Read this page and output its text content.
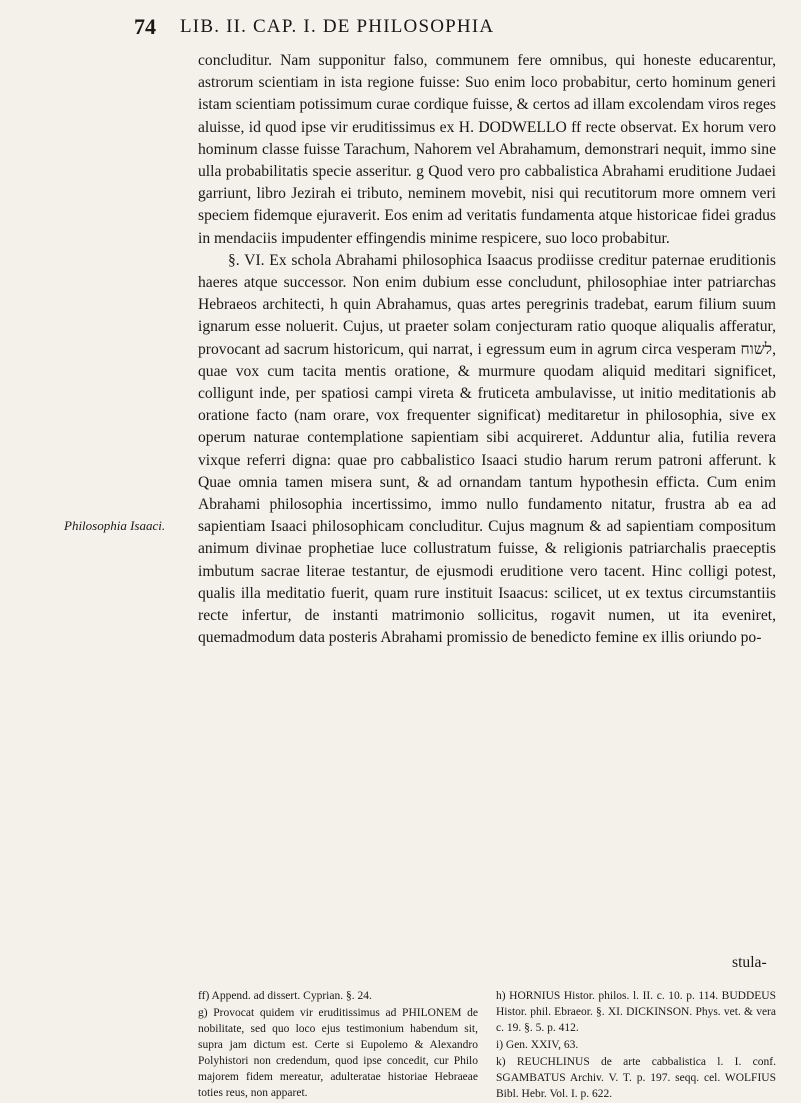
74 LIB. II. CAP. I. DE PHILOSOPHIA
Philosophia Isaaci.

concluditur. Nam supponitur falso, communem fere omnibus, qui honeste educarentur, astrorum scientiam in ista regione fuisse: Suo enim loco probabitur, certo hominum generi istam scientiam potissimum curae cordique fuisse, & certos ad illam excolendam viros reges aluisse, id quod ipse vir eruditissimus ex H. DODWELLO ff recte observat. Ex horum vero hominum classe fuisse Tarachum, Nahorem vel Abrahamum, demonstrari nequit, immo sine ulla probabilitatis specie asseritur. g Quod vero pro cabbalistica Abrahami eruditione Judaei garriunt, libro Jezirah ei tributo, neminem movebit, nisi qui recutitorum more omnem veri speciem fidemque ejuraverit. Eos enim ad veritatis fundamenta atque historicae fidei gradus in mendaciis impudenter effingendis minime respicere, suo loco probabitur.

§. VI. Ex schola Abrahami philosophica Isaacus prodiisse creditur paternae eruditionis haeres atque successor. Non enim dubium esse concludunt, philosophiae inter patriarchas Hebraeos architecti, h quin Abrahamus, quas artes peregrinis tradebat, earum filium suum ignarum esse noluerit. Cujus, ut praeter solam conjecturam ratio quoque aliqualis afferatur, provocant ad sacrum historicum, qui narrat, i egressum eum in agrum circa vesperam לשוח, quae vox cum tacita mentis oratione, & murmure quodam aliquid meditari significet, colligunt inde, per spatiosi campi vireta & fruticeta ambulavisse, ut initio meditationis ab oratione facto (nam orare, vox frequenter significat) meditaretur in philosophia, sive ex operum naturae contemplatione sapientiam sibi acquireret. Adduntur alia, futilia revera vixque referri digna: quae pro cabbalistico Isaaci studio harum rerum patroni afferunt. k Quae omnia tamen misera sunt, & ad ornandam tantum hypothesin efficta. Cum enim Abrahami philosophia incertissimo, immo nullo fundamento nitatur, frustra ab ea ad sapientiam Isaaci philosophicam concluditur. Cujus magnum & ad sapientiam compositum animum divinae prophetiae luce collustratum fuisse, & religionis patriarchalis praeceptis imbutum sacrae literae testantur, de ejusmodi eruditione vero tacent. Hinc colligi potest, qualis illa meditatio fuerit, quam rure instituit Isaacus: scilicet, ut ex textus circumstantiis recte infertur, de instanti matrimonio sollicitus, rogavit numen, ut ita eveniret, quemadmodum data posteris Abrahami promissio de benedicto femine ex illis oriundo po-

stula-

ff) Append. ad dissert. Cyprian. §. 24.

g) Provocat quidem vir eruditissimus ad PHILONEM de nobilitate, sed quo loco ejus testimonium habendum sit, supra jam dictum est. Certe si Eupolemo & Alexandro Polyhistori non credendum, quod ipse concedit, cur Philo majorem fidem mereatur, adulteratae historiae Hebraeae toties reus, non apparet.

h) HORNIUS Histor. philos. l. II. c. 10. p. 114. BUDDEUS Histor. phil. Ebraeor. §. XI. DICKINSON. Phys. vet. & vera c. 19. §. 5. p. 412.

i) Gen. XXIV, 63.

k) REUCHLINUS de arte cabbalistica l. I. conf. SGAMBATUS Archiv. V. T. p. 197. seqq. cel. WOLFIUS Bibl. Hebr. Vol. I. p. 622.
